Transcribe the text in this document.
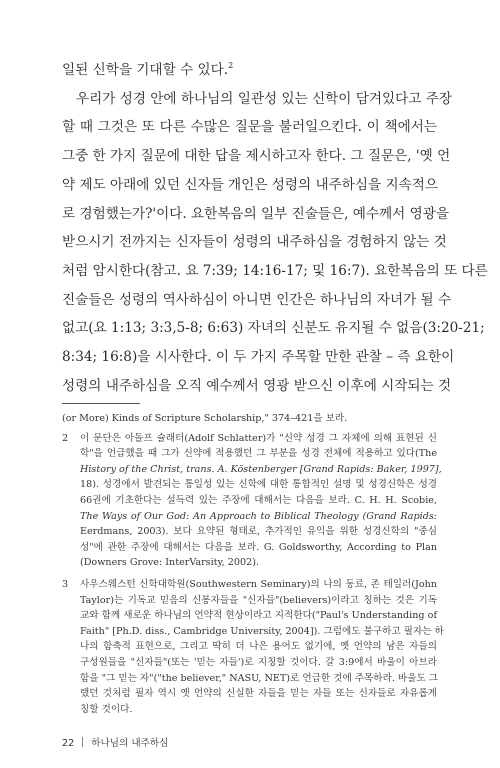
일된 신학을 기대할 수 있다.$^2$
우리가 성경 안에 하나님의 일관성 있는 신학이 담겨있다고 주장
할 때 그것은 또 다른 수많은 질문을 불러일으킨다. 이 책에서는
그중 한 가지 질문에 대한 답을 제시하고자 한다. 그 질문은, '옛 언
약 제도 아래에 있던 신자들 개인은 성령의 내주하심을 지속적으
로 경험했는가?'이다. 요한복음의 일부 진술들은, 예수께서 영광을
받으시기 전까지는 신자들이 성령의 내주하심을 경험하지 않는 것
처럼 암시한다(참고. 요 7:39; 14:16-17; 및 16:7). 요한복음의 또 다른
진술들은 성령의 역사하심이 아니면 인간은 하나님의 자녀가 될 수
없고(요 1:13; 3:3,5-8; 6:63) 자녀의 신분도 유지될 수 없음(3:20-21;
8:34; 16:8)을 시사한다. 이 두 가지 주목할 만한 관찰 – 즉 요한이
성령의 내주하심을 오직 예수께서 영광 받으신 이후에 시작되는 것

(or More) Kinds of Scripture Scholarship," 374–421을 보라.

2 이 문단은 아돌프 슐래터(Adolf Schlatter)가 "신약 성경 그 자체에 의해 표현된 신
학"을 언급했을 때 그가 신약에 적용했던 그 부분을 성경 전체에 적용하고 있다(The
History of the Christ, trans. A. Köstenberger [Grand Rapids: Baker, 1997],
18). 성경에서 발견되는 통일성 있는 신학에 대한 통합적인 설명 및 성경신학은 성경
66권에 기초한다는 설득력 있는 주장에 대해서는 다음을 보라. C. H. H. Scobie,
The Ways of Our God: An Approach to Biblical Theology (Grand Rapids:
Eerdmans, 2003). 보다 요약된 형태로, 추가적인 유익을 위한 성경신학의 "중심
성"에 관한 주장에 대해서는 다음을 보라. G. Goldsworthy, According to Plan
(Downers Grove: InterVarsity, 2002).
3 사우스웨스턴 신학대학원(Southwestern Seminary)의 나의 동료, 존 테일러(John
Taylor)는 기독교 믿음의 신봉자들을 "신자들"(believers)이라고 칭하는 것은 기독
교와 함께 새로운 하나님의 언약적 현상이라고 지적한다("Paul's Understanding of
Faith" [Ph.D. diss., Cambridge University, 2004]). 그럼에도 불구하고 필자는 하
나의 함축적 표현으로, 그리고 딱히 더 나은 용어도 없기에, 옛 언약의 남은 자들의
구성원들을 "신자들"(또는 '믿는 자들')로 지칭할 것이다. 갈 3:9에서 바울이 아브라
함을 "그 믿는 자"("the believer," NASU, NET)로 언급한 것에 주목하라. 바울도 그
랬던 것처럼 필자 역시 옛 언약의 신실한 자들을 믿는 자들 또는 신자들로 자유롭게
칭할 것이다.
22 하나님의 내주하심
